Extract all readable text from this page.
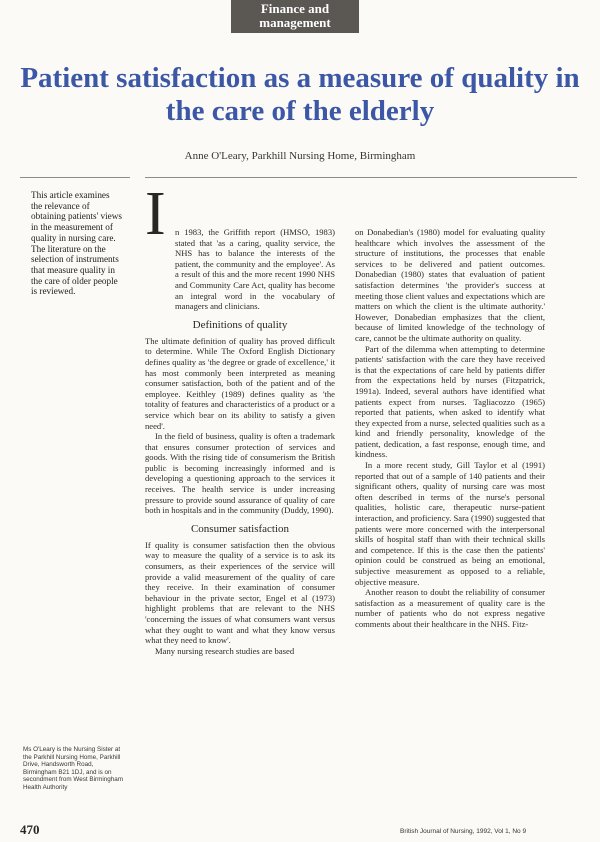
Finance and management
Patient satisfaction as a measure of quality in the care of the elderly

Anne O'Leary, Parkhill Nursing Home, Birmingham

This article examines the relevance of obtaining patients' views in the measurement of quality in nursing care. The literature on the selection of instruments that measure quality in the care of older people is reviewed.

Ms O'Leary is the Nursing Sister at the Parkhill Nursing Home, Parkhill Drive, Handsworth Road, Birmingham B21 1DJ, and is on secondment from West Birmingham Health Authority

I	n 1983, the Griffith report (HMSO, 1983) stated that 'as a caring, quality service, the NHS has to balance the interests of the patient, the community and the employee'. As a result of this and the more recent 1990 NHS and Community Care Act, quality has become an integral word in the vocabulary of managers and clinicians.

Definitions of quality

The ultimate definition of quality has proved difficult to determine. While The Oxford English Dictionary defines quality as 'the degree or grade of excellence,' it has most commonly been interpreted as meaning consumer satisfaction, both of the patient and of the employee. Keithley (1989) defines quality as 'the totality of features and characteristics of a product or a service which bear on its ability to satisfy a given need'.

In the field of business, quality is often a trademark that ensures consumer protection of services and goods. With the rising tide of consumerism the British public is becoming increasingly informed and is developing a questioning approach to the services it receives. The health service is under increasing pressure to provide sound assurance of quality of care both in hospitals and in the community (Duddy, 1990).

Consumer satisfaction

If quality is consumer satisfaction then the obvious way to measure the quality of a service is to ask its consumers, as their experiences of the service will provide a valid measurement of the quality of care they receive. In their examination of consumer behaviour in the private sector, Engel et al (1973) highlight problems that are relevant to the NHS 'concerning the issues of what consumers want versus what they ought to want and what they know versus what they need to know'.

Many nursing research studies are based

on Donabedian's (1980) model for evaluating quality healthcare which involves the assessment of the structure of institutions, the processes that enable services to be delivered and patient outcomes. Donabedian (1980) states that evaluation of patient satisfaction determines 'the provider's success at meeting those client values and expectations which are matters on which the client is the ultimate authority.' However, Donabedian emphasizes that the client, because of limited knowledge of the technology of care, cannot be the ultimate authority on quality.

Part of the dilemma when attempting to determine patients' satisfaction with the care they have received is that the expectations of care held by patients differ from the expectations held by nurses (Fitzpatrick, 1991a). Indeed, several authors have identified what patients expect from nurses. Tagliacozzo (1965) reported that patients, when asked to identify what they expected from a nurse, selected qualities such as a kind and friendly personality, knowledge of the patient, dedication, a fast response, enough time, and kindness.

In a more recent study, Gill Taylor et al (1991) reported that out of a sample of 140 patients and their significant others, quality of nursing care was most often described in terms of the nurse's personal qualities, holistic care, therapeutic nurse-patient interaction, and proficiency. Sara (1990) suggested that patients were more concerned with the interpersonal skills of hospital staff than with their technical skills and competence. If this is the case then the patients' opinion could be construed as being an emotional, subjective measurement as opposed to a reliable, objective measure.

Another reason to doubt the reliability of consumer satisfaction as a measurement of quality care is the number of patients who do not express negative comments about their healthcare in the NHS. Fitz-

470	British Journal of Nursing, 1992, Vol 1, No 9
